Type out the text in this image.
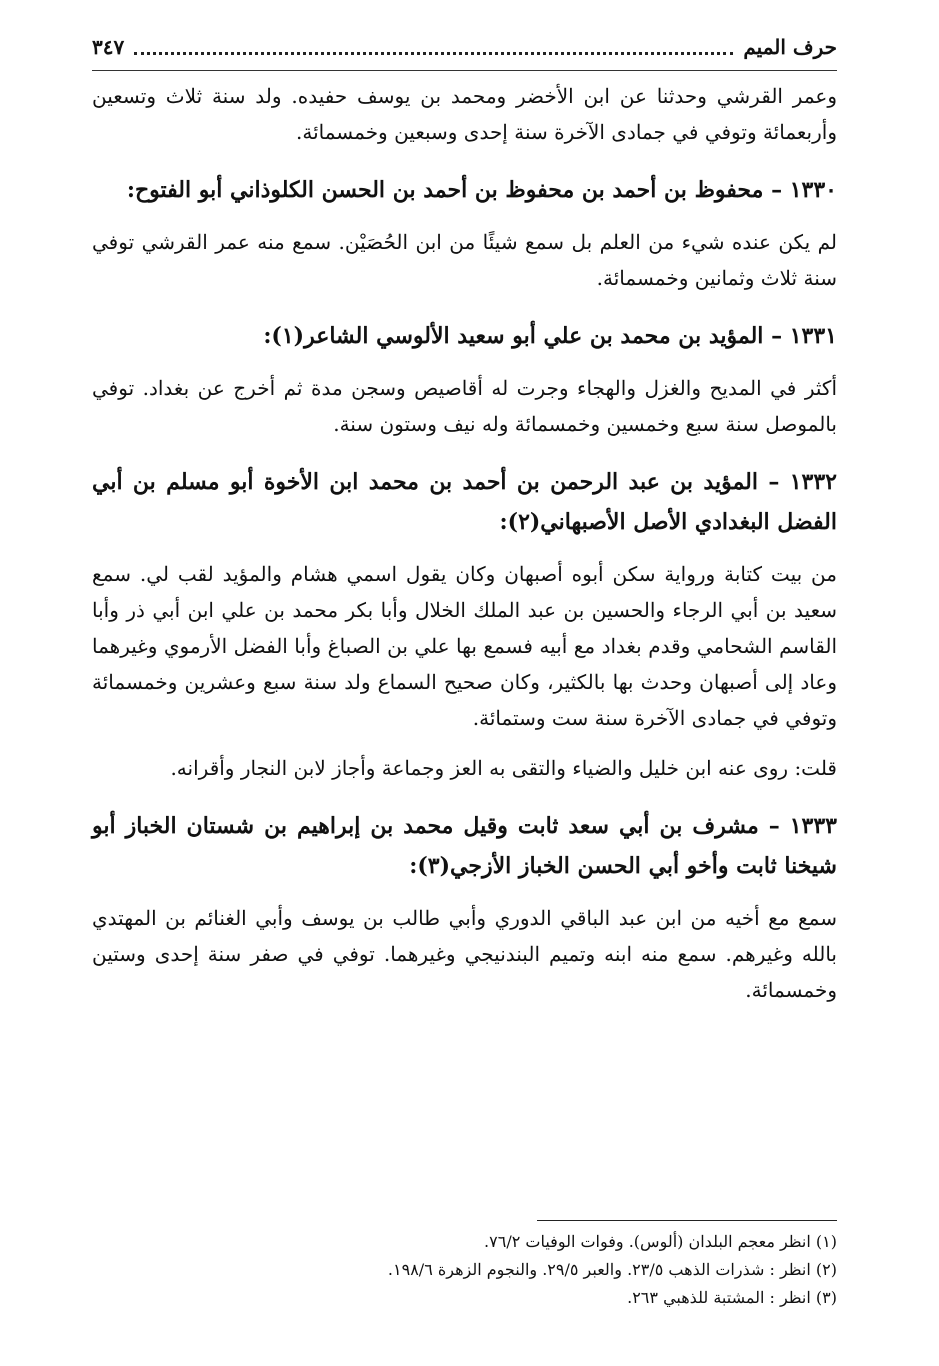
حرف الميم
٣٤٧

وعمر القرشي وحدثنا عن ابن الأخضر ومحمد بن يوسف حفيده. ولد سنة ثلاث وتسعين وأربعمائة وتوفي في جمادى الآخرة سنة إحدى وسبعين وخمسمائة.

١٣٣٠ – محفوظ بن أحمد بن محفوظ بن أحمد بن الحسن الكلوذاني أبو الفتوح:

لم يكن عنده شيء من العلم بل سمع شيئًا من ابن الحُصَيْن. سمع منه عمر القرشي توفي سنة ثلاث وثمانين وخمسمائة.

١٣٣١ – المؤيد بن محمد بن علي أبو سعيد الألوسي الشاعر(١):

أكثر في المديح والغزل والهجاء وجرت له أقاصيص وسجن مدة ثم أخرج عن بغداد. توفي بالموصل سنة سبع وخمسين وخمسمائة وله نيف وستون سنة.

١٣٣٢ – المؤيد بن عبد الرحمن بن أحمد بن محمد ابن الأخوة أبو مسلم بن أبي الفضل البغدادي الأصل الأصبهاني(٢):

من بيت كتابة ورواية سكن أبوه أصبهان وكان يقول اسمي هشام والمؤيد لقب لي. سمع سعيد بن أبي الرجاء والحسين بن عبد الملك الخلال وأبا بكر محمد بن علي ابن أبي ذر وأبا القاسم الشحامي وقدم بغداد مع أبيه فسمع بها علي بن الصباغ وأبا الفضل الأرموي وغيرهما وعاد إلى أصبهان وحدث بها بالكثير، وكان صحيح السماع ولد سنة سبع وعشرين وخمسمائة وتوفي في جمادى الآخرة سنة ست وستمائة.

قلت: روى عنه ابن خليل والضياء والتقى به العز وجماعة وأجاز لابن النجار وأقرانه.

١٣٣٣ – مشرف بن أبي سعد ثابت وقيل محمد بن إبراهيم بن شستان الخباز أبو شيخنا ثابت وأخو أبي الحسن الخباز الأزجي(٣):

سمع مع أخيه من ابن عبد الباقي الدوري وأبي طالب بن يوسف وأبي الغنائم بن المهتدي بالله وغيرهم. سمع منه ابنه وتميم البندنيجي وغيرهما. توفي في صفر سنة إحدى وستين وخمسمائة.

(١) انظر معجم البلدان (ألوس). وفوات الوفيات ٧٦/٢.

(٢) انظر : شذرات الذهب ٢٣/٥. والعبر ٢٩/٥. والنجوم الزهرة ١٩٨/٦.

(٣) انظر : المشتبة للذهبي ٢٦٣.
